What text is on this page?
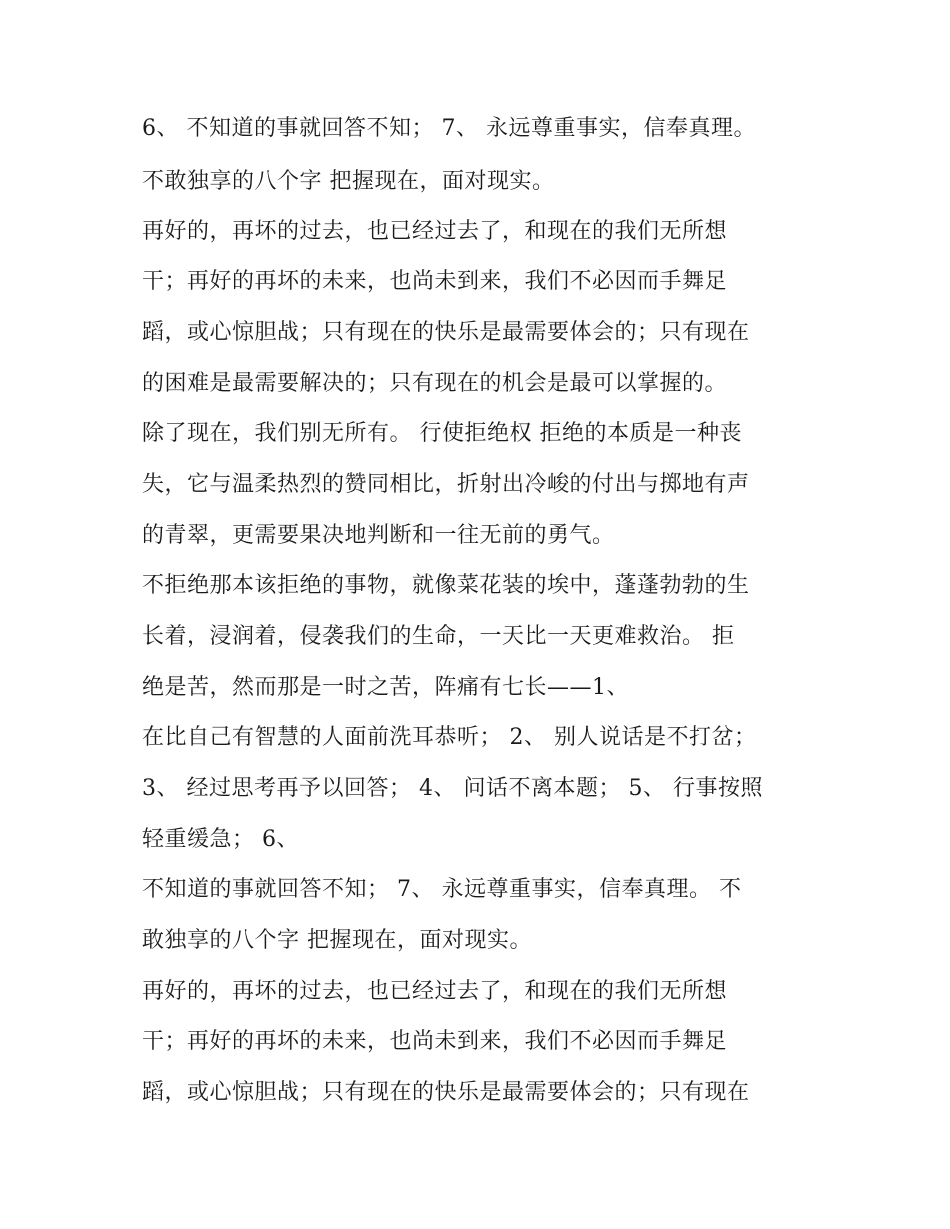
6、 不知道的事就回答不知； 7、 永远尊重事实，信奉真理。
不敢独享的八个字 把握现在，面对现实。
再好的，再坏的过去，也已经过去了，和现在的我们无所想
干；再好的再坏的未来，也尚未到来，我们不必因而手舞足
蹈，或心惊胆战；只有现在的快乐是最需要体会的；只有现在
的困难是最需要解决的；只有现在的机会是最可以掌握的。
除了现在，我们别无所有。 行使拒绝权 拒绝的本质是一种丧
失，它与温柔热烈的赞同相比，折射出冷峻的付出与掷地有声
的青翠，更需要果决地判断和一往无前的勇气。
不拒绝那本该拒绝的事物，就像菜花装的埃中，蓬蓬勃勃的生
长着，浸润着，侵袭我们的生命，一天比一天更难救治。 拒
绝是苦，然而那是一时之苦，阵痛有七长——1、
在比自己有智慧的人面前洗耳恭听； 2、 别人说话是不打岔；
3、 经过思考再予以回答； 4、 问话不离本题； 5、 行事按照
轻重缓急； 6、
不知道的事就回答不知； 7、 永远尊重事实，信奉真理。 不
敢独享的八个字 把握现在，面对现实。
再好的，再坏的过去，也已经过去了，和现在的我们无所想
干；再好的再坏的未来，也尚未到来，我们不必因而手舞足
蹈，或心惊胆战；只有现在的快乐是最需要体会的；只有现在
